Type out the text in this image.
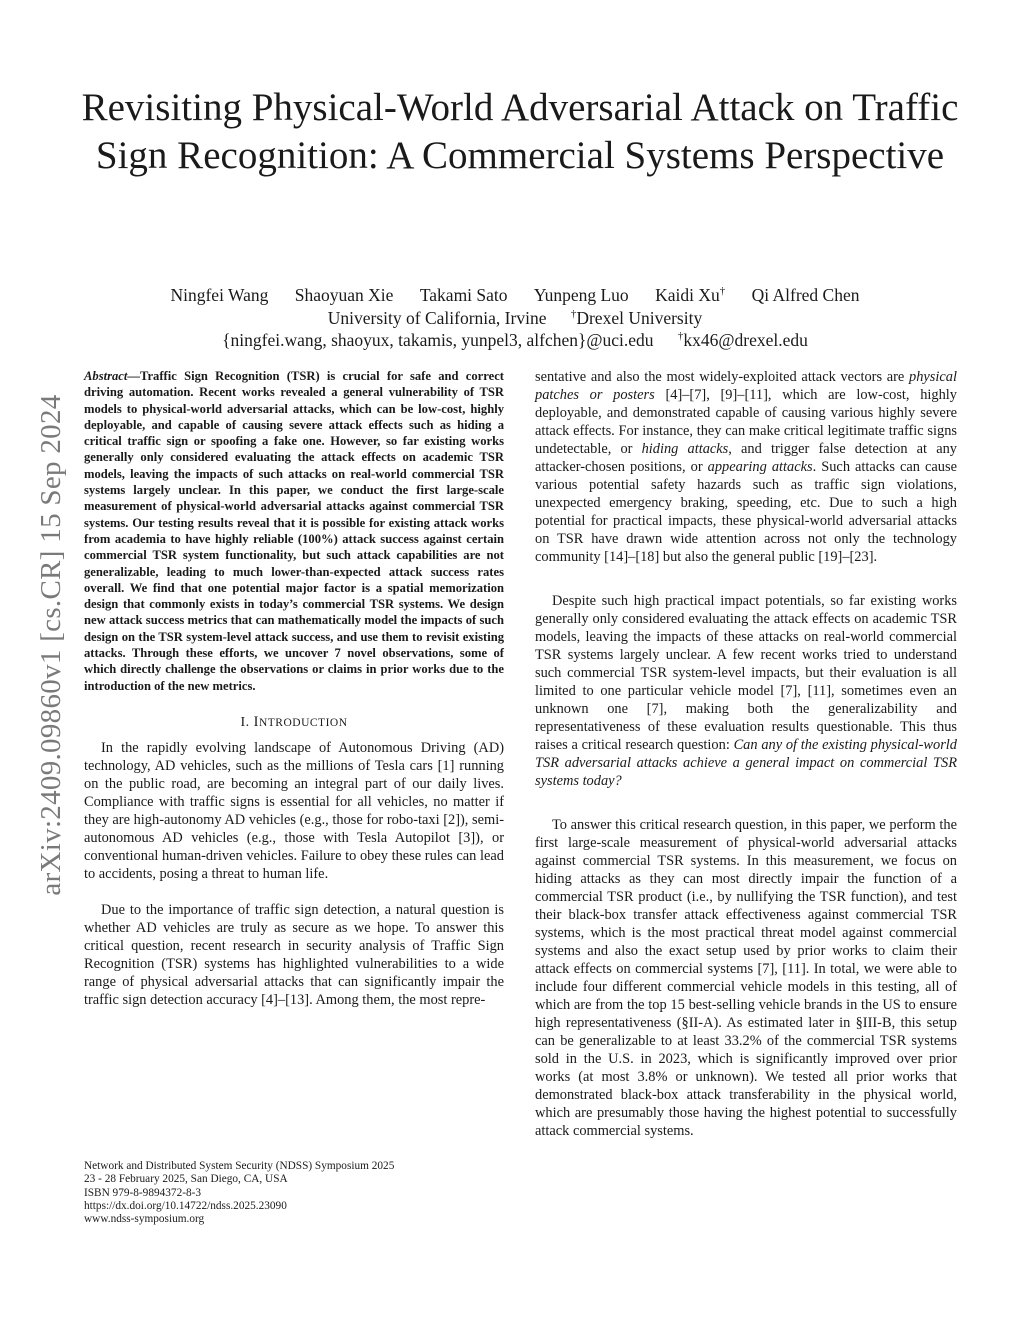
Revisiting Physical-World Adversarial Attack on Traffic Sign Recognition: A Commercial Systems Perspective
Ningfei Wang Shaoyuan Xie Takami Sato Yunpeng Luo Kaidi Xu† Qi Alfred Chen
University of California, Irvine †Drexel University
{ningfei.wang, shaoyux, takamis, yunpel3, alfchen}@uci.edu †kx46@drexel.edu
arXiv:2409.09860v1 [cs.CR] 15 Sep 2024

Abstract—Traffic Sign Recognition (TSR) is crucial for safe and correct driving automation. Recent works revealed a general vulnerability of TSR models to physical-world adversarial attacks, which can be low-cost, highly deployable, and capable of causing severe attack effects such as hiding a critical traffic sign or spoofing a fake one. However, so far existing works generally only considered evaluating the attack effects on academic TSR models, leaving the impacts of such attacks on real-world commercial TSR systems largely unclear. In this paper, we conduct the first large-scale measurement of physical-world adversarial attacks against commercial TSR systems. Our testing results reveal that it is possible for existing attack works from academia to have highly reliable (100%) attack success against certain commercial TSR system functionality, but such attack capabilities are not generalizable, leading to much lower-than-expected attack success rates overall. We find that one potential major factor is a spatial memorization design that commonly exists in today’s commercial TSR systems. We design new attack success metrics that can mathematically model the impacts of such design on the TSR system-level attack success, and use them to revisit existing attacks. Through these efforts, we uncover 7 novel observations, some of which directly challenge the observations or claims in prior works due to the introduction of the new metrics.

I. INTRODUCTION

In the rapidly evolving landscape of Autonomous Driving (AD) technology, AD vehicles, such as the millions of Tesla cars [1] running on the public road, are becoming an integral part of our daily lives. Compliance with traffic signs is essential for all vehicles, no matter if they are high-autonomy AD vehicles (e.g., those for robo-taxi [2]), semi-autonomous AD vehicles (e.g., those with Tesla Autopilot [3]), or conventional human-driven vehicles. Failure to obey these rules can lead to accidents, posing a threat to human life.

Due to the importance of traffic sign detection, a natural question is whether AD vehicles are truly as secure as we hope. To answer this critical question, recent research in security analysis of Traffic Sign Recognition (TSR) systems has highlighted vulnerabilities to a wide range of physical adversarial attacks that can significantly impair the traffic sign detection accuracy [4]–[13]. Among them, the most repre-

Network and Distributed System Security (NDSS) Symposium 2025
23 - 28 February 2025, San Diego, CA, USA
ISBN 979-8-9894372-8-3
https://dx.doi.org/10.14722/ndss.2025.23090
www.ndss-symposium.org

sentative and also the most widely-exploited attack vectors are physical patches or posters [4]–[7], [9]–[11], which are low-cost, highly deployable, and demonstrated capable of causing various highly severe attack effects. For instance, they can make critical legitimate traffic signs undetectable, or hiding attacks, and trigger false detection at any attacker-chosen positions, or appearing attacks. Such attacks can cause various potential safety hazards such as traffic sign violations, unexpected emergency braking, speeding, etc. Due to such a high potential for practical impacts, these physical-world adversarial attacks on TSR have drawn wide attention across not only the technology community [14]–[18] but also the general public [19]–[23].

Despite such high practical impact potentials, so far existing works generally only considered evaluating the attack effects on academic TSR models, leaving the impacts of these attacks on real-world commercial TSR systems largely unclear. A few recent works tried to understand such commercial TSR system-level impacts, but their evaluation is all limited to one particular vehicle model [7], [11], sometimes even an unknown one [7], making both the generalizability and representativeness of these evaluation results questionable. This thus raises a critical research question: Can any of the existing physical-world TSR adversarial attacks achieve a general impact on commercial TSR systems today?

To answer this critical research question, in this paper, we perform the first large-scale measurement of physical-world adversarial attacks against commercial TSR systems. In this measurement, we focus on hiding attacks as they can most directly impair the function of a commercial TSR product (i.e., by nullifying the TSR function), and test their black-box transfer attack effectiveness against commercial TSR systems, which is the most practical threat model against commercial systems and also the exact setup used by prior works to claim their attack effects on commercial systems [7], [11]. In total, we were able to include four different commercial vehicle models in this testing, all of which are from the top 15 best-selling vehicle brands in the US to ensure high representativeness (§II-A). As estimated later in §III-B, this setup can be generalizable to at least 33.2% of the commercial TSR systems sold in the U.S. in 2023, which is significantly improved over prior works (at most 3.8% or unknown). We tested all prior works that demonstrated black-box attack transferability in the physical world, which are presumably those having the highest potential to successfully attack commercial systems.
